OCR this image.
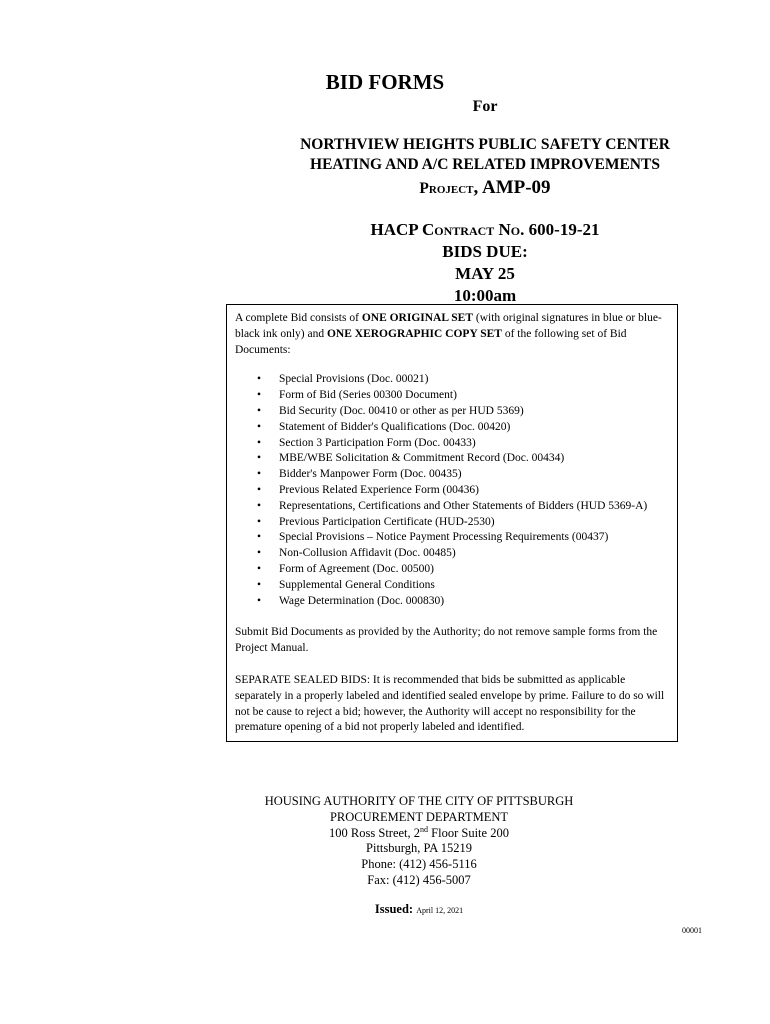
BID FORMS
For
NORTHVIEW HEIGHTS PUBLIC SAFETY CENTER
HEATING AND A/C RELATED IMPROVEMENTS
Project, AMP-09
HACP Contract No. 600-19-21
BIDS DUE:
MAY 25
10:00am

A complete Bid consists of ONE ORIGINAL SET (with original signatures in blue or blue-black ink only) and ONE XEROGRAPHIC COPY SET of the following set of Bid Documents:

• Special Provisions (Doc. 00021)
• Form of Bid (Series 00300 Document)
• Bid Security (Doc. 00410 or other as per HUD 5369)
• Statement of Bidder's Qualifications (Doc. 00420)
• Section 3 Participation Form (Doc. 00433)
• MBE/WBE Solicitation & Commitment Record (Doc. 00434)
• Bidder's Manpower Form (Doc. 00435)
• Previous Related Experience Form (00436)
• Representations, Certifications and Other Statements of Bidders (HUD 5369-A)
• Previous Participation Certificate (HUD-2530)
• Special Provisions – Notice Payment Processing Requirements (00437)
• Non-Collusion Affidavit (Doc. 00485)
• Form of Agreement (Doc. 00500)
• Supplemental General Conditions
• Wage Determination (Doc. 000830)

Submit Bid Documents as provided by the Authority; do not remove sample forms from the Project Manual.

SEPARATE SEALED BIDS: It is recommended that bids be submitted as applicable separately in a properly labeled and identified sealed envelope by prime. Failure to do so will not be cause to reject a bid; however, the Authority will accept no responsibility for the premature opening of a bid not properly labeled and identified.

HOUSING AUTHORITY OF THE CITY OF PITTSBURGH
PROCUREMENT DEPARTMENT
100 Ross Street, 2nd Floor Suite 200
Pittsburgh, PA 15219
Phone: (412) 456-5116
Fax: (412) 456-5007
Issued: April 12, 2021
00001
